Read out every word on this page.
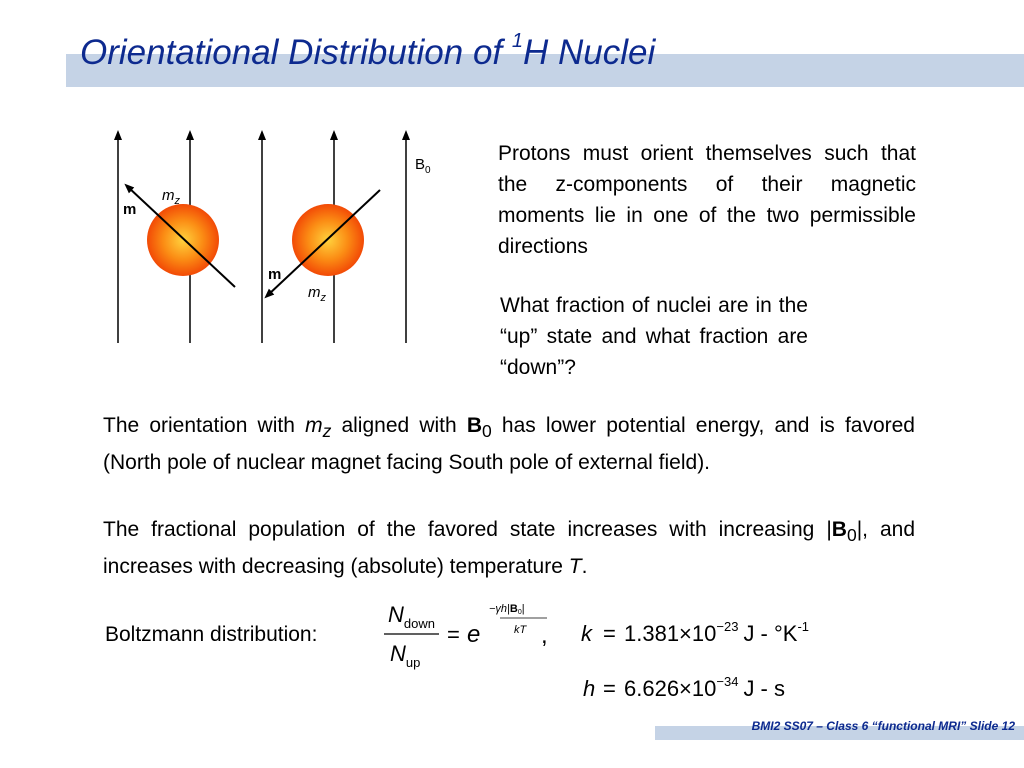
Orientational Distribution of $^1$H Nuclei
$B_0$
m
$m_z$
m
$m_z$
Protons must orient themselves such that the z-components of their magnetic moments lie in one of the two permissible directions
What fraction of nuclei are in the “up” state and what fraction are “down”?

The orientation with $m_z$ aligned with $B_0$ has lower potential energy, and is favored (North pole of nuclear magnet facing South pole of external field).

The fractional population of the favored state increases with increasing $|B_0|$, and increases with decreasing (absolute) temperature T.

Boltzmann distribution:
$N_{down}$
$N_{up}$
= e
−γh|B0|
kT , $k = 1.381\times 10^{-23}$ J - $^\circ K^{-1}$
$h = 6.626\times 10^{-34}$ J - s
BMI2 SS07 – Class 6 “functional MRI” Slide 12
